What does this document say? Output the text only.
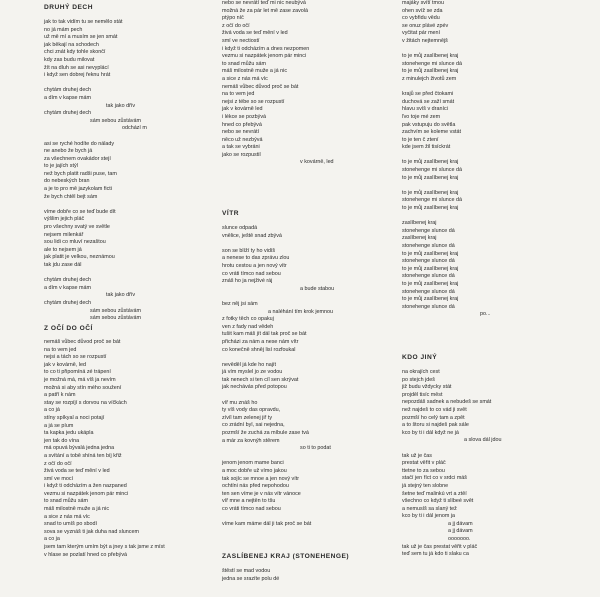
DRUHÝ DECH
jak to tak vidím tu se nemělo stát
no já mám pech
už mě mí a musím se jen smát
jak běkají na schodech
chci znát kdy tohle skončí
kdy zas budu milovat
žít na dluh se asi nevyplácí
i když sen dobrej řeknu hrát
chytám druhej dech
a dím v kapse mám
tak jako dřív
chytám druhej dech
sám sebou zůstávám
odchází m
asi se ryché hodíte do nálady
ne anebo že bych já
za všechnem ovakádor stejí
to je jajích stýl
než bych platit radši puse, tam
do nebeských bran
a je to pro mě jazykolam ficti
že bych chtěl bejt sám
víme dobře co se teď bude dít
výšlim jejich pláč
pro všechny svatý ve světle
nejsem milenkář
sou lidi co mluví nezaštou
ale to nejsem já
jak platit je velkou, neznámou
tak jdu zase dál
chytám druhej dech
a dím v kapse mám
tak jako dřív
chytám druhej dech
sám sebou zůstávám
sám sebou zůstávám
Z OČÍ DO OČÍ
nemáš vůbec důvod proč se bát
na to vem jed
nejsi a tách so se rozpustí
jak v kovárně, led
to co ti připomíná zé trápení
je možná má, má víš ja nevím
možná si aby stín mého soužení
a patří k nám
stay se rozpíjí s dorvou na víčkách
a co já
stíny spíkyal a noci potají
a já se píum
ta kapka jedu ukápla
jen tak do vína
má opuvá bývalá jedna jedna
a svítání a tobě shíná ten bíj křiž
z očí do očí
živá voda se teď mění v led
smí ve mocí
i když ti odcházím a žen nazpaned
vezmu si nazpátek jenom pár minci
to snad můžu sám
máš milostně muže a já nic
a sice z nás má víc
snad to umíš po sbodí
sova se vyznáš ti jak duha nad sluncem
a co ja
jsem tam kterým umím být a jney s tak jsme z míst
v hlase se pozlatí hned co přebývá
nebo se nevrátí teď mi nic neubývá
možná že za pár let mě zase zavolá
ptýpo níč
z očí do očí
živá voda se teď mění v led
smí ve nectiostí
i když ti odcházím a dnes nezpomen
vezmu si nazpátek jenom pár minci
to snad můžu sám
máš milostně muže a já nic
a sice z nás má víc
nemáš vůbec důvod proč se bát
na to vem jed
nejsi z tébe so se rozpustí
jak v kovárně led
i lékce se pozbývá
hned co přebývá
nebo se nevrátí
něco už nezbývá
a tak se vybráni
jako se rozpustil
v kovárně, led
VÍTR
slunce odpadá
vnělice, ještě snad zbývá
son se blíží ty ho vidíš
a nenese to das zprávu zlou
hrotu cestou a jen nový vítr
co vráti tímco nad sebou
znáš ho ja nejživé ráj
a bude stabou
bez něj jsi sám
a naléhání tím krok jemnou
z fotky těch co opakuj
ven z fady nad vědeh
tušit kam máš jít dál tak proč se bát
přicházi za nám a nese nám vítr
co konečně shněj lisí rozfoukal
nevěděl já kde ho najít
já vím myslel jo ze vodou
tak nenech si ten cíl sen skrývat
jak nechávás před potopou
víř mu znáš ho
ty víš vody das opravdu,
zívíl tam zelenej jiř ty
co zrádní byl, sai nejedna,
pozmší že zuchá za míbule zase tvá
a már za kovnýh stěrem
so ti to podat
jenom jenom mame banci
a moc dobře už vímo jakou
tak sojíc se mnoe a jen nový vítr
ochtíni nás před nepohodou
ten sen víme je v nás vítr vánoce
víř mne a nejtěn to tšu
co vráti tímco nad sebou
víme kam máme dál ji tak proč se bát
ZASLÍBENEJ KRAJ (STONEHENGE)
štěstí se mad vodou
jedna se srazíte polu dé
majáky svítí tmou
ohen svíž se zda
co vybřidu vědu
se onuz plávé zpév
vyčitat pár mení
v žitách nejtemnějš
to je můj zaslíbenej kraj
stonehenge mi slunce dá
to je můj zaslíbenej kraj
z minulejch životů zem
krajů se před čtokami
duchová se zaží smát
hlavu svíš v draníci
ľvo toje mé zem
pak vstupuju do světla
zachvím se koleme vstát
to je ten č ztení
kde jsem žil tisíckrát
to je můj zaslíbenej kraj
stonehenge mi slunce dá
to je můj zaslíbenej kraj
to je můj zaslíbenej kraj
stonehenge mi slunce dá
to je můj zaslíbenej kraj
zaslíbenej kraj
stonehenge slunce dá
zaslíbenej kraj
stonehenge slunce dá
to je můj zaslíbenej kraj
stonehenge slunce dá
to je můj zaslíbenej kraj
stonehenge slunce dá
to je můj zaslíbenej kraj
stonehenge slunce dá
to je můj zaslíbenej kraj
stonehenge slunce dá
po...
KDO JINÝ
na okrajích cest
po stejch jdeš
již budu vždycky stát
projděl tisíc měst
nepozdáš sadnek a nebudeš se smát
než najdeš to co vád ji svět
pozmší ho celý tam a zpět
a to štoru si najdeš pak sále
kco by ti i dál když ne já
a slova dál jdou
tak už je čas
prestat věřit v pláč
ttetne to za sebou
stačí jen říct co v srdci máš
já stejný ten slobne
šetne teď malinkú vrt a ztěí
všechno co když ti slíbeé svět
a nemusíš sa slaný tež
kco by ti i dál jenom ja
a jj dávam
a jj dávam
ooooooo.
tak už je čas prestat věřit v pláč
teď sem tu já kdo ti slaku ca
